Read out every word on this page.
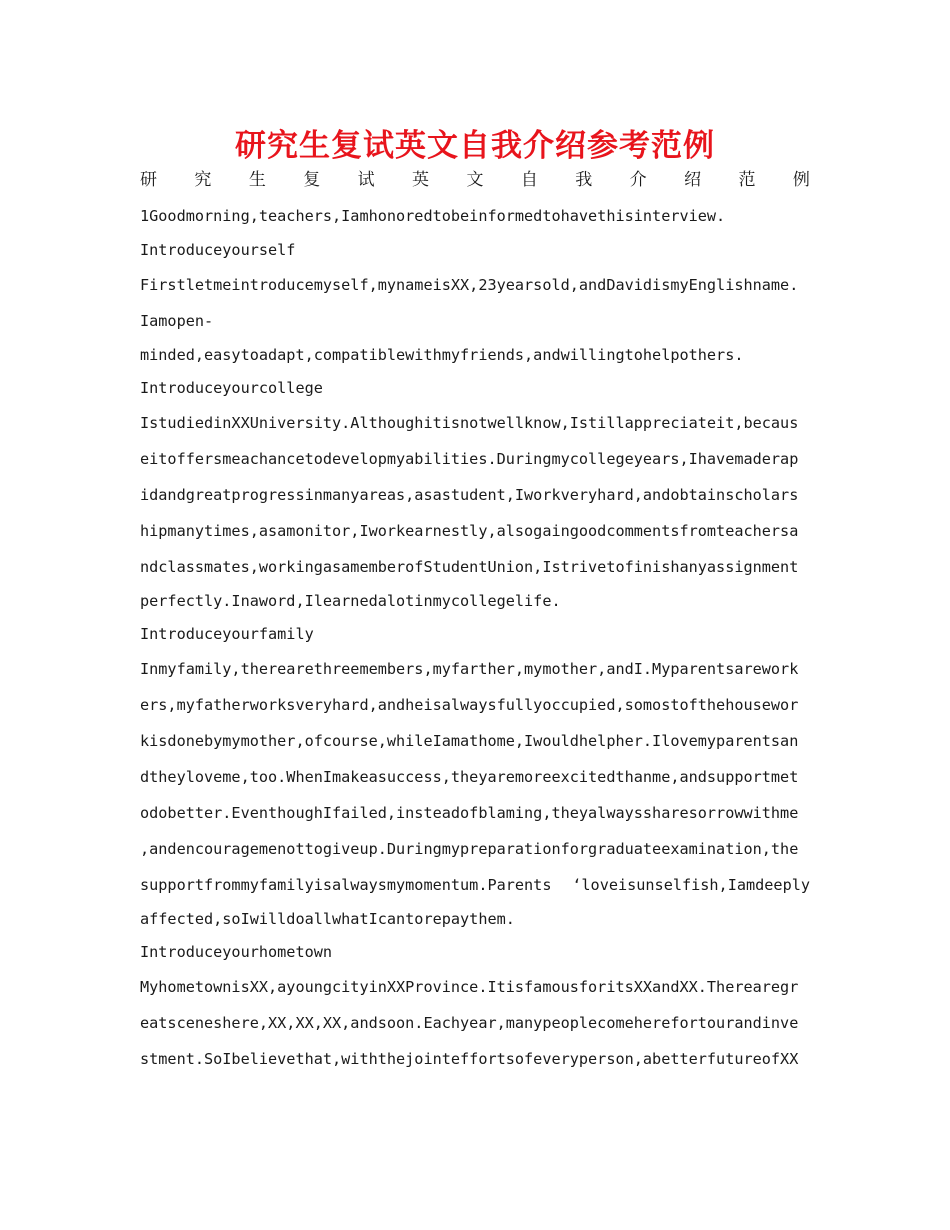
研究生复试英文自我介绍参考范例
研 究 生 复 试 英 文 自 我 介 绍 范 例
1Goodmorning,teachers,Iamhonoredtobeinformedtohavethisinterview.
Introduceyourself
Firstletmeintroducemyself,mynameisXX,23yearsold,andDavidismyEnglishname.
Iamopen-
minded,easytoadapt,compatiblewithmyfriends,andwillingtohelpothers.
Introduceyourcollege
IstudiedinXXUniversity.Althoughitisnotwellknow,Istillappreciateit,becaus
eitoffersmeachancetodevelopmyabilities.Duringmycollegeyears,Ihavemaderap
idandgreatprogressinmanyareas,asastudent,Iworkveryhard,andobtainscholars
hipmanytimes,asamonitor,Iworkearnestly,alsogaingoodcommentsfromteachersa
ndclassmates,workingasamemberofStudentUnion,Istrivetofinishanyassignment
perfectly.Inaword,Ilearnedalotinmycollegelife.
Introduceyourfamily
Inmyfamily,therearethreemembers,myfarther,mymother,andI.Myparentsarework
ers,myfatherworksveryhard,andheisalwaysfullyoccupied,somostofthehousewor
kisdonebymymother,ofcourse,whileIamathome,Iwouldhelpher.Ilovemyparentsan
dtheyloveme,too.WhenImakeasuccess,theyaremoreexcitedthanme,andsupportmet
odobetter.EventhoughIfailed,insteadofblaming,theyalwayssharesorrowwithme
,andencouragemenottogiveup.Duringmypreparationforgraduateexamination,the
supportfrommyfamilyisalwaysmymomentum.Parents ‘loveisunselfish,Iamdeeply
affected,soIwilldoallwhatIcantorepaythem.
Introduceyourhometown
MyhometownisXX,ayoungcityinXXProvince.ItisfamousforitsXXandXX.Therearegr
eatsceneshere,XX,XX,XX,andsoon.Eachyear,manypeoplecomeherefortourandinve
stment.SoIbelievethat,withthejointeffortsofeveryperson,abetterfutureofXX
